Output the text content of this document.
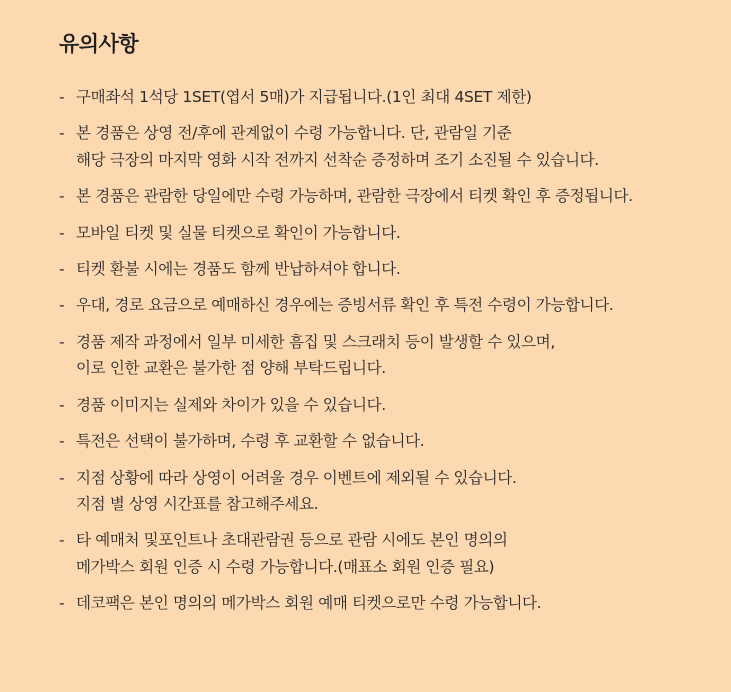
유의사항
- 구매좌석 1석당 1SET(엽서 5매)가 지급됩니다.(1인 최대 4SET 제한)
- 본 경품은 상영 전/후에 관계없이 수령 가능합니다. 단, 관람일 기준
해당 극장의 마지막 영화 시작 전까지 선착순 증정하며 조기 소진될 수 있습니다.
- 본 경품은 관람한 당일에만 수령 가능하며, 관람한 극장에서 티켓 확인 후 증정됩니다.
- 모바일 티켓 및 실물 티켓으로 확인이 가능합니다.
- 티켓 환불 시에는 경품도 함께 반납하셔야 합니다.
- 우대, 경로 요금으로 예매하신 경우에는 증빙서류 확인 후 특전 수령이 가능합니다.
- 경품 제작 과정에서 일부 미세한 흠집 및 스크래치 등이 발생할 수 있으며,
이로 인한 교환은 불가한 점 양해 부탁드립니다.
- 경품 이미지는 실제와 차이가 있을 수 있습니다.
- 특전은 선택이 불가하며, 수령 후 교환할 수 없습니다.
- 지점 상황에 따라 상영이 어려울 경우 이벤트에 제외될 수 있습니다.
지점 별 상영 시간표를 참고해주세요.
- 타 예매처 및포인트나 초대관람권 등으로 관람 시에도 본인 명의의
메가박스 회원 인증 시 수령 가능합니다.(매표소 회원 인증 필요)
- 데코팩은 본인 명의의 메가박스 회원 예매 티켓으로만 수령 가능합니다.
